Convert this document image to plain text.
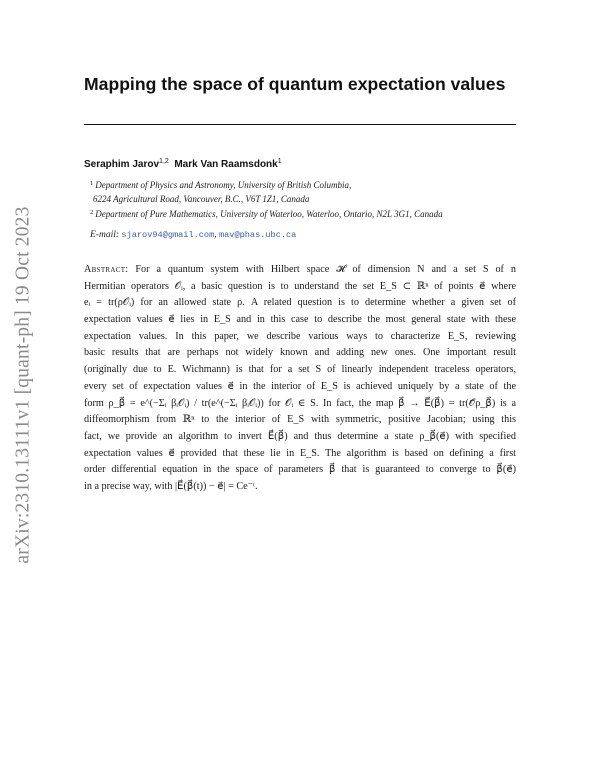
arXiv:2310.13111v1 [quant-ph] 19 Oct 2023
Mapping the space of quantum expectation values
Seraphim Jarov$^{1,2}$ Mark Van Raamsdonk$^1$
$^1$ Department of Physics and Astronomy, University of British Columbia,
6224 Agricultural Road, Vancouver, B.C., V6T 1Z1, Canada
$^2$ Department of Pure Mathematics, University of Waterloo, Waterloo, Ontario, N2L 3G1, Canada
E-mail: sjarov94@gmail.com, mav@phas.ubc.ca
Abstract: For a quantum system with Hilbert space 𝓗 of dimension N and a set S of n
Hermitian operators 𝒪ᵢ, a basic question is to understand the set E_S ⊂ ℝⁿ of points e⃗ where
eᵢ = tr(ρ𝒪ᵢ) for an allowed state ρ. A related question is to determine whether a given set of
expectation values e⃗ lies in E_S and in this case to describe the most general state with these
expectation values. In this paper, we describe various ways to characterize E_S, reviewing
basic results that are perhaps not widely known and adding new ones. One important result
(originally due to E. Wichmann) is that for a set S of linearly independent traceless operators,
every set of expectation values e⃗ in the interior of E_S is achieved uniquely by a state of the
form ρ_β⃗ = e^(−Σᵢ βᵢ𝒪ᵢ) / tr(e^(−Σᵢ βᵢ𝒪ᵢ)) for 𝒪ᵢ ∈ S. In fact, the map β⃗ → E⃗(β⃗) = tr(𝒪⃗ρ_β⃗) is a
diffeomorphism from ℝⁿ to the interior of E_S with symmetric, positive Jacobian; using this
fact, we provide an algorithm to invert E⃗(β⃗) and thus determine a state ρ_β⃗(e⃗) with specified
expectation values e⃗ provided that these lie in E_S. The algorithm is based on defining a first
order differential equation in the space of parameters β⃗ that is guaranteed to converge to β⃗(e⃗)
in a precise way, with |E⃗(β⃗(t)) − e⃗| = Ce⁻ᵗ.
